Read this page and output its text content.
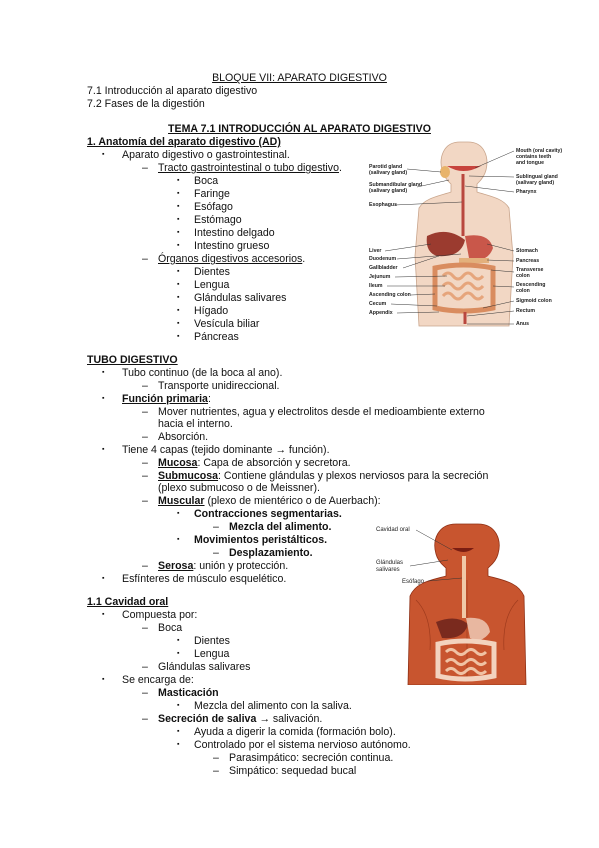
BLOQUE VII: APARATO DIGESTIVO
7.1 Introducción al aparato digestivo
7.2 Fases de la digestión
TEMA 7.1 INTRODUCCIÓN AL APARATO DIGESTIVO
1. Anatomía del aparato digestivo (AD)
▪ Aparato digestivo o gastrointestinal.
– Tracto gastrointestinal o tubo digestivo.
▪ Boca
▪ Faringe
▪ Esófago
▪ Estómago
▪ Intestino delgado
▪ Intestino grueso
– Órganos digestivos accesorios.
▪ Dientes
▪ Lengua
▪ Glándulas salivares
▪ Hígado
▪ Vesícula biliar
▪ Páncreas
TUBO DIGESTIVO
▪ Tubo continuo (de la boca al ano).
– Transporte unidireccional.
▪ Función primaria:
– Mover nutrientes, agua y electrolitos desde el medioambiente externo
hacia el interno.
– Absorción.
▪ Tiene 4 capas (tejido dominante → función).
– Mucosa: Capa de absorción y secretora.
– Submucosa: Contiene glándulas y plexos nerviosos para la secreción
(plexo submucoso o de Meissner).
– Muscular (plexo de mientérico o de Auerbach):
▪ Contracciones segmentarias.
– Mezcla del alimento.
▪ Movimientos peristálticos.
– Desplazamiento.
– Serosa: unión y protección.
▪ Esfínteres de músculo esquelético.
1.1 Cavidad oral
▪ Compuesta por:
– Boca
▪ Dientes
▪ Lengua
– Glándulas salivares
▪ Se encarga de:
– Masticación
▪ Mezcla del alimento con la saliva.
– Secreción de saliva → salivación.
▪ Ayuda a digerir la comida (formación bolo).
▪ Controlado por el sistema nervioso autónomo.
– Parasimpático: secreción continua.
– Simpático: sequedad bucal
Parotid gland
(salivary gland)
Submandibular gland
(salivary gland)
Esophagus
Liver
Duodenum
Gallbladder
Jejunum
Ileum
Ascending colon
Cecum
Appendix
Mouth (oral cavity)
contains teeth
and tongue
Sublingual gland
(salivary gland)
Pharynx
Stomach
Pancreas
Transverse
colon
Descending
colon
Sigmoid colon
Rectum
Anus
Cavidad oral
Glándulas
salivares
Esófago
